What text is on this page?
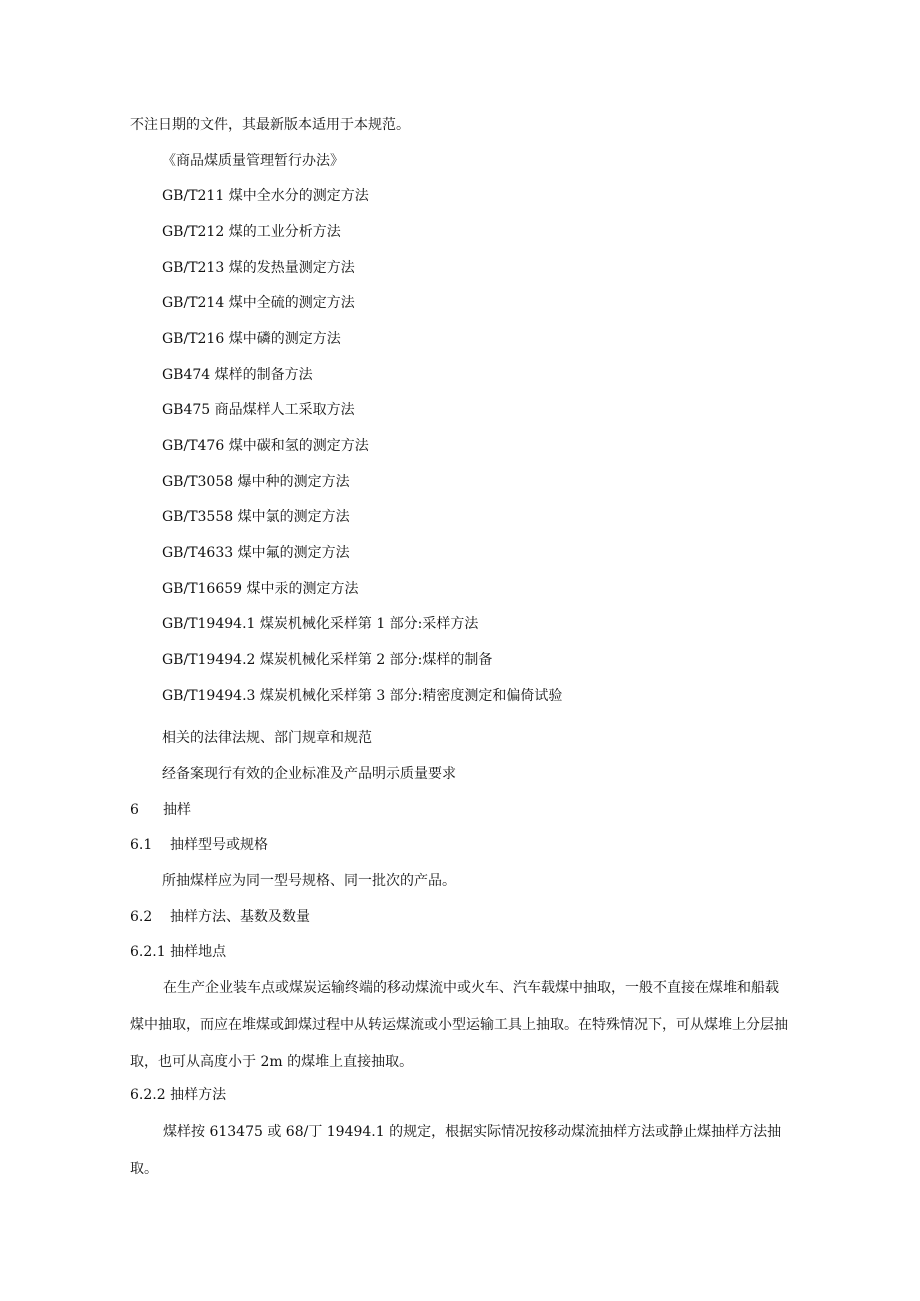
不注日期的文件，其最新版本适用于本规范。
《商品煤质量管理暂行办法》
GB/T211 煤中全水分的测定方法
GB/T212 煤的工业分析方法
GB/T213 煤的发热量测定方法
GB/T214 煤中全硫的测定方法
GB/T216 煤中磷的测定方法
GB474 煤样的制备方法
GB475 商品煤样人工采取方法
GB/T476 煤中碳和氢的测定方法
GB/T3058 爆中种的测定方法
GB/T3558 煤中氯的测定方法
GB/T4633 煤中氟的测定方法
GB/T16659 煤中汞的测定方法
GB/T19494.1 煤炭机械化采样第 1 部分:采样方法
GB/T19494.2 煤炭机械化采样第 2 部分:煤样的制备
GB/T19494.3 煤炭机械化采样第 3 部分:精密度测定和偏倚试验
相关的法律法规、部门规章和规范
经备案现行有效的企业标准及产品明示质量要求
6 抽样
6.1 抽样型号或规格
所抽煤样应为同一型号规格、同一批次的产品。
6.2 抽样方法、基数及数量
6.2.1 抽样地点
在生产企业装车点或煤炭运输终端的移动煤流中或火车、汽车载煤中抽取，一般不直接在煤堆和船载煤中抽取，而应在堆煤或卸煤过程中从转运煤流或小型运输工具上抽取。在特殊情况下，可从煤堆上分层抽取，也可从高度小于 2m 的煤堆上直接抽取。
6.2.2 抽样方法
煤样按 613475 或 68/丁 19494.1 的规定，根据实际情况按移动煤流抽样方法或静止煤抽样方法抽取。
